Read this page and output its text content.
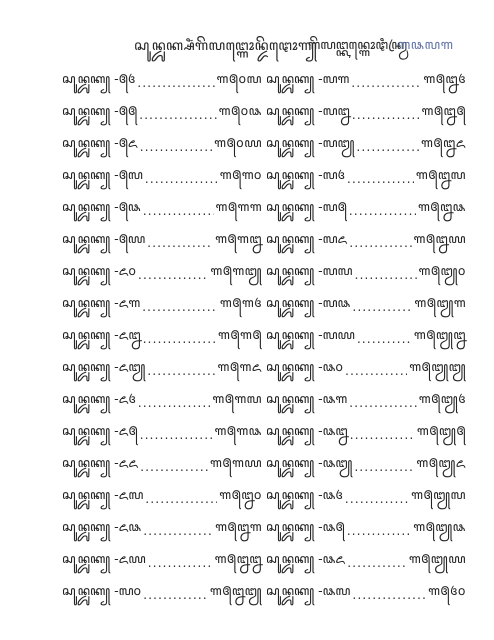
ꦱꦸꦤ꧀ꦢꦸꦏ꧀ꦱꦶꦁꦒꦼꦭꦔ꧀ꦒꦺꦴꦤ꧀ꦢꦼꦛꦺꦴꦒ꧀
ꦒꦼꦭꦔ꧀ꦏꦤ꧀ꦒꦺꦴꦛꦶꦏ꧀ꦮꦿ
꧑꧘꧗꧑
ꦱꦸꦤ꧀ꦢꦸꦏ꧀ -꧕꧔ .....	꧑꧕꧐꧗
ꦱꦸꦤ꧀ꦢꦸꦏ꧀ -꧕꧕ .....	꧑꧕꧐꧘
ꦱꦸꦤ꧀ꦢꦸꦏ꧀ -꧕꧖ .....	꧑꧕꧐꧙
ꦱꦸꦤ꧀ꦢꦸꦏ꧀ -꧕꧗ .....	꧑꧕꧑꧐
ꦱꦸꦤ꧀ꦢꦸꦏ꧀ -꧕꧘ .....	꧑꧕꧑꧑
ꦱꦸꦤ꧀ꦢꦸꦏ꧀ -꧕꧙ .....	꧑꧕꧑꧒
ꦱꦸꦤ꧀ꦢꦸꦏ꧀ -꧖꧐ .....	꧑꧕꧑꧓
ꦱꦸꦤ꧀ꦢꦸꦏ꧀ -꧖꧑ .....	꧑꧕꧑꧔
ꦱꦸꦤ꧀ꦢꦸꦏ꧀ -꧖꧒ .....	꧑꧕꧑꧕
ꦱꦸꦤ꧀ꦢꦸꦏ꧀ -꧖꧓ .....	꧑꧕꧑꧖
ꦱꦸꦤ꧀ꦢꦸꦏ꧀ -꧖꧔ .....	꧑꧕꧑꧗
ꦱꦸꦤ꧀ꦢꦸꦏ꧀ -꧖꧕ .....	꧑꧕꧑꧘
ꦱꦸꦤ꧀ꦢꦸꦏ꧀ -꧖꧖ .....	꧑꧕꧑꧙
ꦱꦸꦤ꧀ꦢꦸꦏ꧀ -꧖꧗ .....	꧑꧕꧒꧐
ꦱꦸꦤ꧀ꦢꦸꦏ꧀ -꧖꧘ .....	꧑꧕꧒꧑
ꦱꦸꦤ꧀ꦢꦸꦏ꧀ -꧖꧙ .....	꧑꧕꧒꧒
ꦱꦸꦤ꧀ꦢꦸꦏ꧀ -꧗꧐ .....	꧑꧕꧒꧓
ꦱꦸꦤ꧀ꦢꦸꦏ꧀ -꧗꧑ .....	꧑꧕꧒꧔
ꦱꦸꦤ꧀ꦢꦸꦏ꧀ -꧗꧒ .....	꧑꧕꧒꧕
ꦱꦸꦤ꧀ꦢꦸꦏ꧀ -꧗꧓ .....	꧑꧕꧒꧖
ꦱꦸꦤ꧀ꦢꦸꦏ꧀ -꧗꧔ .....	꧑꧕꧒꧗
ꦱꦸꦤ꧀ꦢꦸꦏ꧀ -꧗꧕ .....	꧑꧕꧒꧘
ꦱꦸꦤ꧀ꦢꦸꦏ꧀ -꧗꧖ .....	꧑꧕꧒꧙
ꦱꦸꦤ꧀ꦢꦸꦏ꧀ -꧗꧗ .....	꧑꧕꧓꧐
ꦱꦸꦤ꧀ꦢꦸꦏ꧀ -꧗꧘ .....	꧑꧕꧓꧑
ꦱꦸꦤ꧀ꦢꦸꦏ꧀ -꧗꧙ .....	꧑꧕꧓꧒
ꦱꦸꦤ꧀ꦢꦸꦏ꧀ -꧘꧐ .....	꧑꧕꧓꧓
ꦱꦸꦤ꧀ꦢꦸꦏ꧀ -꧘꧑ .....	꧑꧕꧓꧔
ꦱꦸꦤ꧀ꦢꦸꦏ꧀ -꧘꧒ .....	꧑꧕꧓꧕
ꦱꦸꦤ꧀ꦢꦸꦏ꧀ -꧘꧓ .....	꧑꧕꧓꧖
ꦱꦸꦤ꧀ꦢꦸꦏ꧀ -꧘꧔ .....	꧑꧕꧓꧗
ꦱꦸꦤ꧀ꦢꦸꦏ꧀ -꧘꧕ .....	꧑꧕꧓꧘
ꦱꦸꦤ꧀ꦢꦸꦏ꧀ -꧘꧖ .....	꧑꧕꧓꧙
ꦱꦸꦤ꧀ꦢꦸꦏ꧀ -꧘꧗ .....	꧑꧕꧔꧐
